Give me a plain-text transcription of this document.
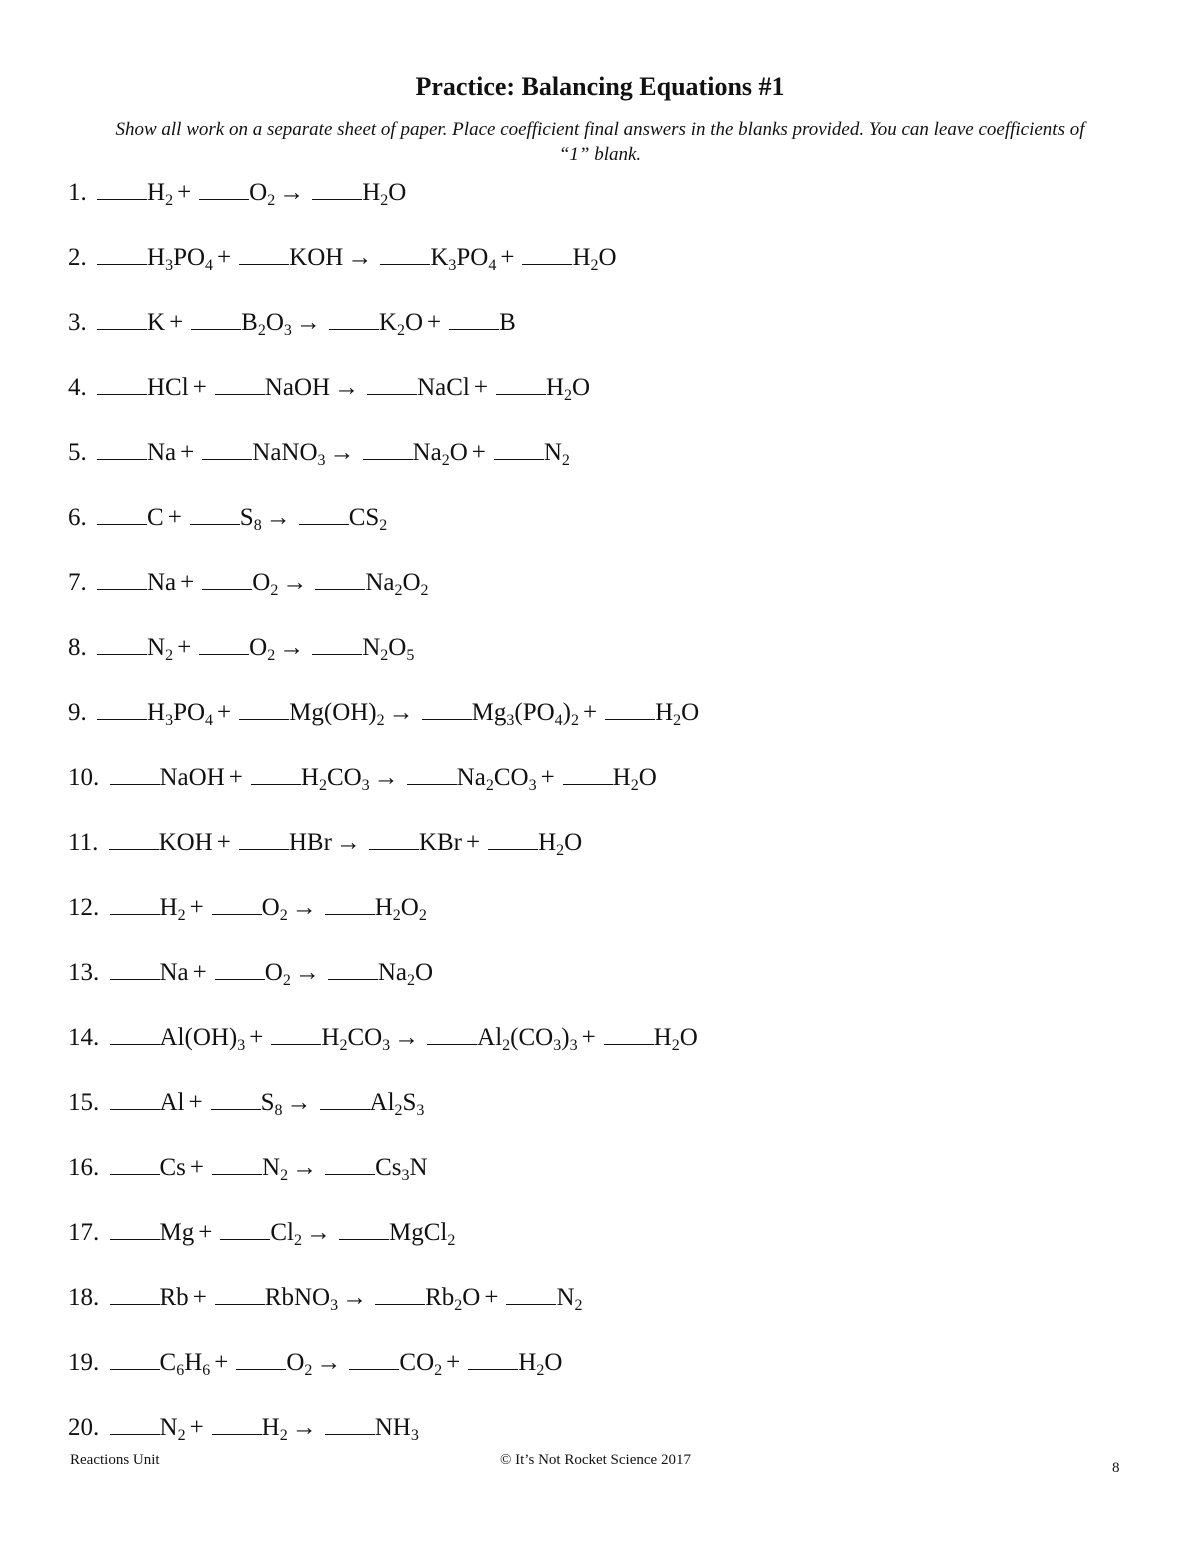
Practice: Balancing Equations #1
Show all work on a separate sheet of paper. Place coefficient final answers in the blanks provided. You can leave coefficients of “1” blank.
1. $H_2 + O_2 \to H_2O$
2. $H_3PO_4$ + KOH → $K_3PO_4 + H_2O$
3. $K + B_2O_3 \to K_2O + B$
4. HCl + NaOH → NaCl + $H_2O$
5. Na + NaNO$_3$ → $Na_2O + N_2$
6. $C + S_8 \to CS_2$
7. $Na + O_2 \to Na_2O_2$
8. $N_2 + O_2 \to N_2O_5$
9. $H_3PO_4 + Mg(OH)_2 \to Mg_3(PO_4)_2 + H_2O$
10. NaOH + $H_2CO_3 \to Na_2CO_3 + H_2O$
11. KOH + HBr → KBr + $H_2O$
12. $H_2 + O_2 \to H_2O_2$
13. $Na + O_2 \to Na_2O$
14. $Al(OH)_3 + H_2CO_3 \to Al_2(CO_3)_3 + H_2O$
15. $Al + S_8 \to Al_2S_3$
16. $Cs + N_2 \to Cs_3N$
17. $Mg + Cl_2$ → MgCl$_2$
18. Rb + RbNO$_3$ → $Rb_2O + N_2$
19. $C_6H_6 + O_2 \to CO_2 + H_2O$
20. $N_2 + H_2 \to NH_3$
Reactions Unit	© It’s Not Rocket Science 2017	8
